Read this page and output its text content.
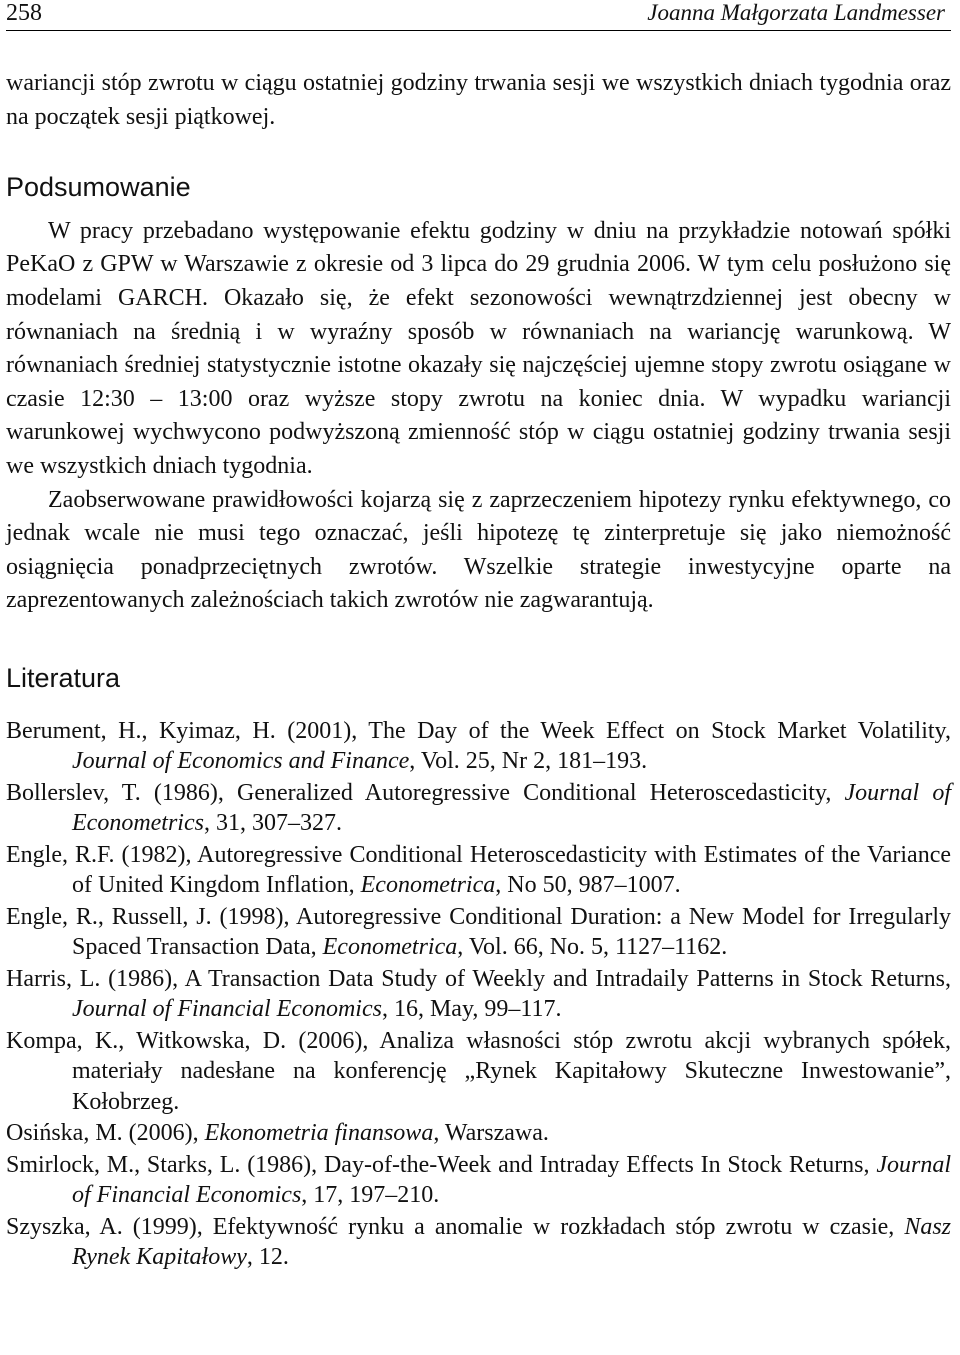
258	Joanna Małgorzata Landmesser

wariancji stóp zwrotu w ciągu ostatniej godziny trwania sesji we wszystkich dniach tygodnia oraz na początek sesji piątkowej.

Podsumowanie

W pracy przebadano występowanie efektu godziny w dniu na przykładzie notowań spółki PeKaO z GPW w Warszawie z okresie od 3 lipca do 29 grudnia 2006. W tym celu posłużono się modelami GARCH. Okazało się, że efekt sezonowości wewnątrzdziennej jest obecny w równaniach na średnią i w wyraźny sposób w równaniach na wariancję warunkową. W równaniach średniej statystycznie istotne okazały się najczęściej ujemne stopy zwrotu osiągane w czasie 12:30 – 13:00 oraz wyższe stopy zwrotu na koniec dnia. W wypadku wariancji warunkowej wychwycono podwyższoną zmienność stóp w ciągu ostatniej godziny trwania sesji we wszystkich dniach tygodnia.

Zaobserwowane prawidłowości kojarzą się z zaprzeczeniem hipotezy rynku efektywnego, co jednak wcale nie musi tego oznaczać, jeśli hipotezę tę zinterpretuje się jako niemożność osiągnięcia ponadprzeciętnych zwrotów. Wszelkie strategie inwestycyjne oparte na zaprezentowanych zależnościach takich zwrotów nie zagwarantują.

Literatura

Berument, H., Kyimaz, H. (2001), The Day of the Week Effect on Stock Market Volatility, Journal of Economics and Finance, Vol. 25, Nr 2, 181–193.

Bollerslev, T. (1986), Generalized Autoregressive Conditional Heteroscedasticity, Journal of Econometrics, 31, 307–327.

Engle, R.F. (1982), Autoregressive Conditional Heteroscedasticity with Estimates of the Variance of United Kingdom Inflation, Econometrica, No 50, 987–1007.

Engle, R., Russell, J. (1998), Autoregressive Conditional Duration: a New Model for Irregularly Spaced Transaction Data, Econometrica, Vol. 66, No. 5, 1127–1162.

Harris, L. (1986), A Transaction Data Study of Weekly and Intradaily Patterns in Stock Returns, Journal of Financial Economics, 16, May, 99–117.

Kompa, K., Witkowska, D. (2006), Analiza własności stóp zwrotu akcji wybranych spółek, materiały nadesłane na konferencję „Rynek Kapitałowy Skuteczne Inwestowanie”, Kołobrzeg.

Osińska, M. (2006), Ekonometria finansowa, Warszawa.

Smirlock, M., Starks, L. (1986), Day-of-the-Week and Intraday Effects In Stock Returns, Journal of Financial Economics, 17, 197–210.

Szyszka, A. (1999), Efektywność rynku a anomalie w rozkładach stóp zwrotu w czasie, Nasz Rynek Kapitałowy, 12.
